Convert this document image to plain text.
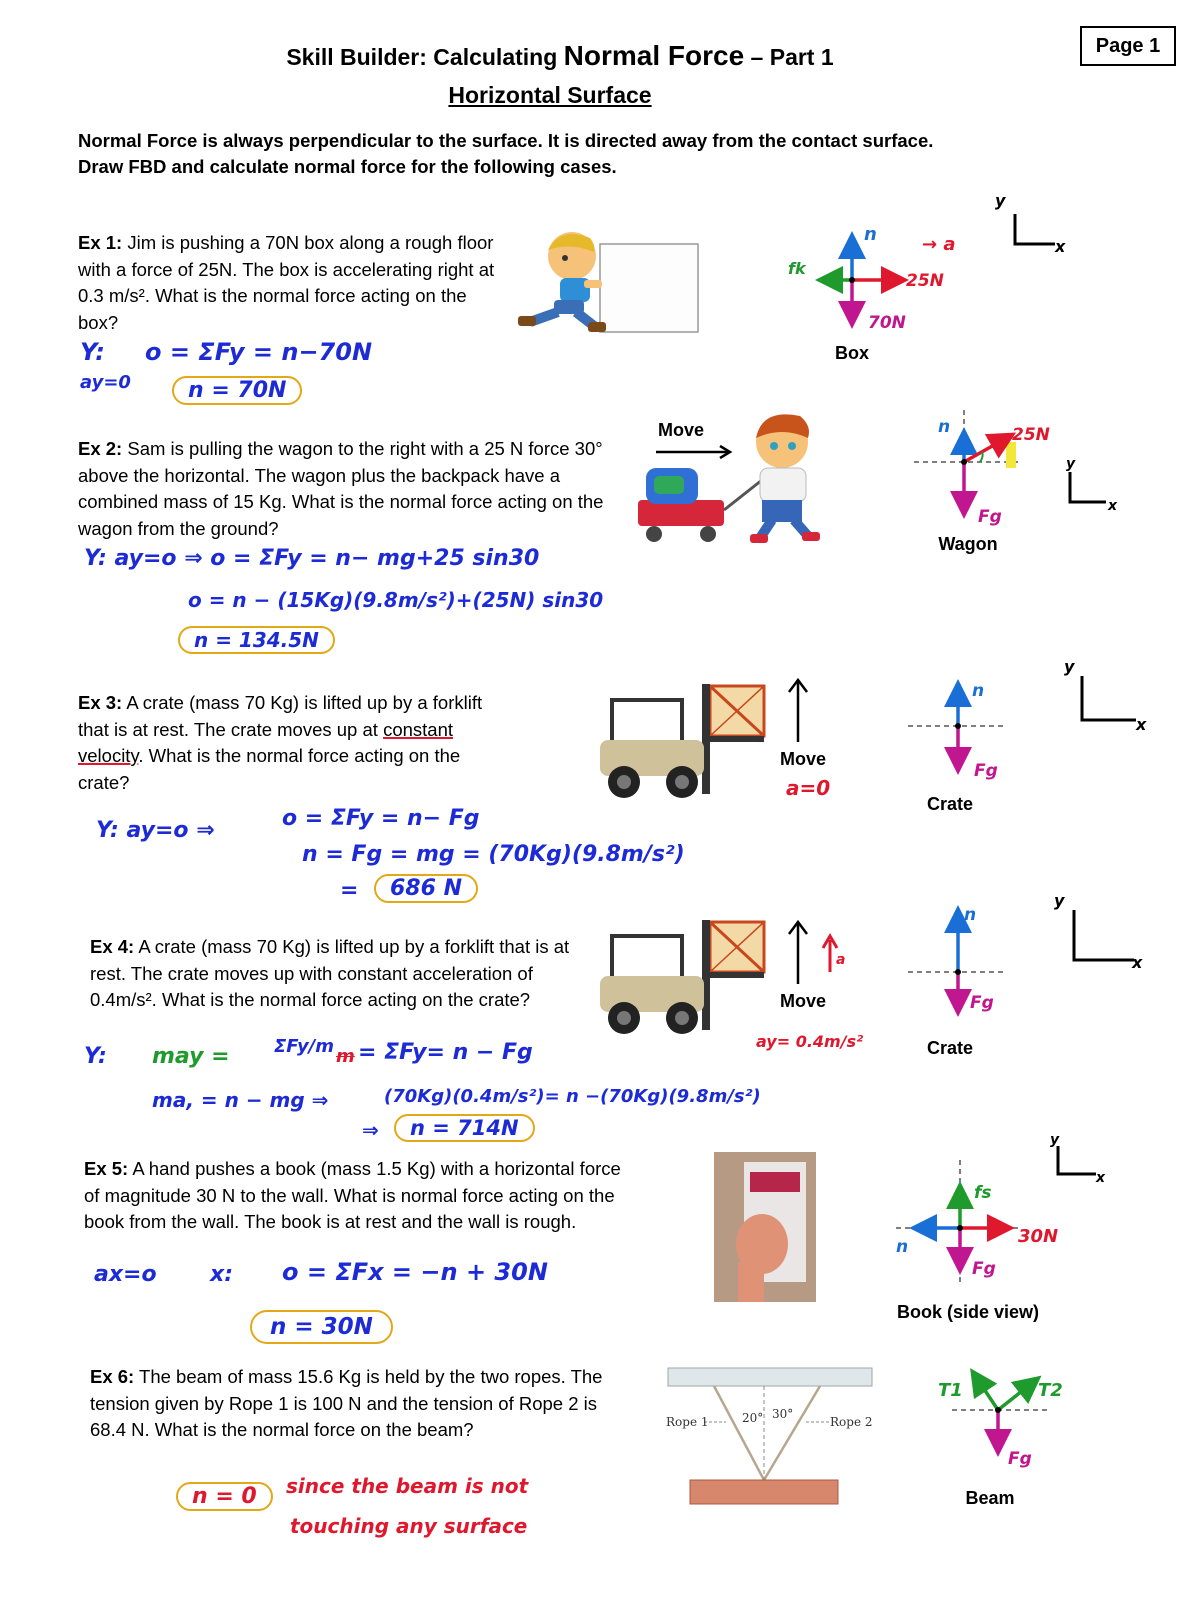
Page 1
Skill Builder: Calculating Normal Force – Part 1
Horizontal Surface
Normal Force is always perpendicular to the surface. It is directed away from the contact surface.
Draw FBD and calculate normal force for the following cases.
Ex 1: Jim is pushing a 70N box along a rough floor with a force of 25N. The box is accelerating right at 0.3 m/s². What is the normal force acting on the box?
Y: o = ΣFy = n−70N
ay=0	n = 70N
n
fk
25N
70N
→ a
Box
y
x
Ex 2: Sam is pulling the wagon to the right with a 25 N force 30° above the horizontal. The wagon plus the backpack have a combined mass of 15 Kg. What is the normal force acting on the wagon from the ground?
Move
Y: ay=o ⇒ o = ΣFy = n− mg+25 sin30
o = n − (15Kg)(9.8m/s²)+(25N) sin30
n = 134.5N
n	25N
Fg
Wagon
y
x
Ex 3: A crate (mass 70 Kg) is lifted up by a forklift that is at rest. The crate moves up at constant velocity. What is the normal force acting on the crate?
Move
a=0
n
Fg
Crate
y
x
Y: ay=o ⇒	o = ΣFy = n− Fg
n = Fg = mg = (70Kg)(9.8m/s²)
=	686 N
Ex 4: A crate (mass 70 Kg) is lifted up by a forklift that is at rest. The crate moves up with constant acceleration of 0.4m/s². What is the normal force acting on the crate?
a
Move
ay= 0.4m/s²
n
Fg
Crate
y
x
Y: may = ΣFy/m m = ΣFy= n − Fg
ma, = n − mg ⇒	(70Kg)(0.4m/s²)= n −(70Kg)(9.8m/s²)
⇒	n = 714N
Ex 5: A hand pushes a book (mass 1.5 Kg) with a horizontal force of magnitude 30 N to the wall. What is normal force acting on the book from the wall. The book is at rest and the wall is rough.
fs
n	30N
Fg
Book (side view)
y
x
ax=o x: o = ΣFx = −n + 30N
n = 30N
Ex 6: The beam of mass 15.6 Kg is held by the two ropes. The tension given by Rope 1 is 100 N and the tension of Rope 2 is 68.4 N. What is the normal force on the beam?	Rope 1	Rope 2
20° 30°
T1	T2
Fg
Beam
n = 0	since the beam is not
touching any surface
